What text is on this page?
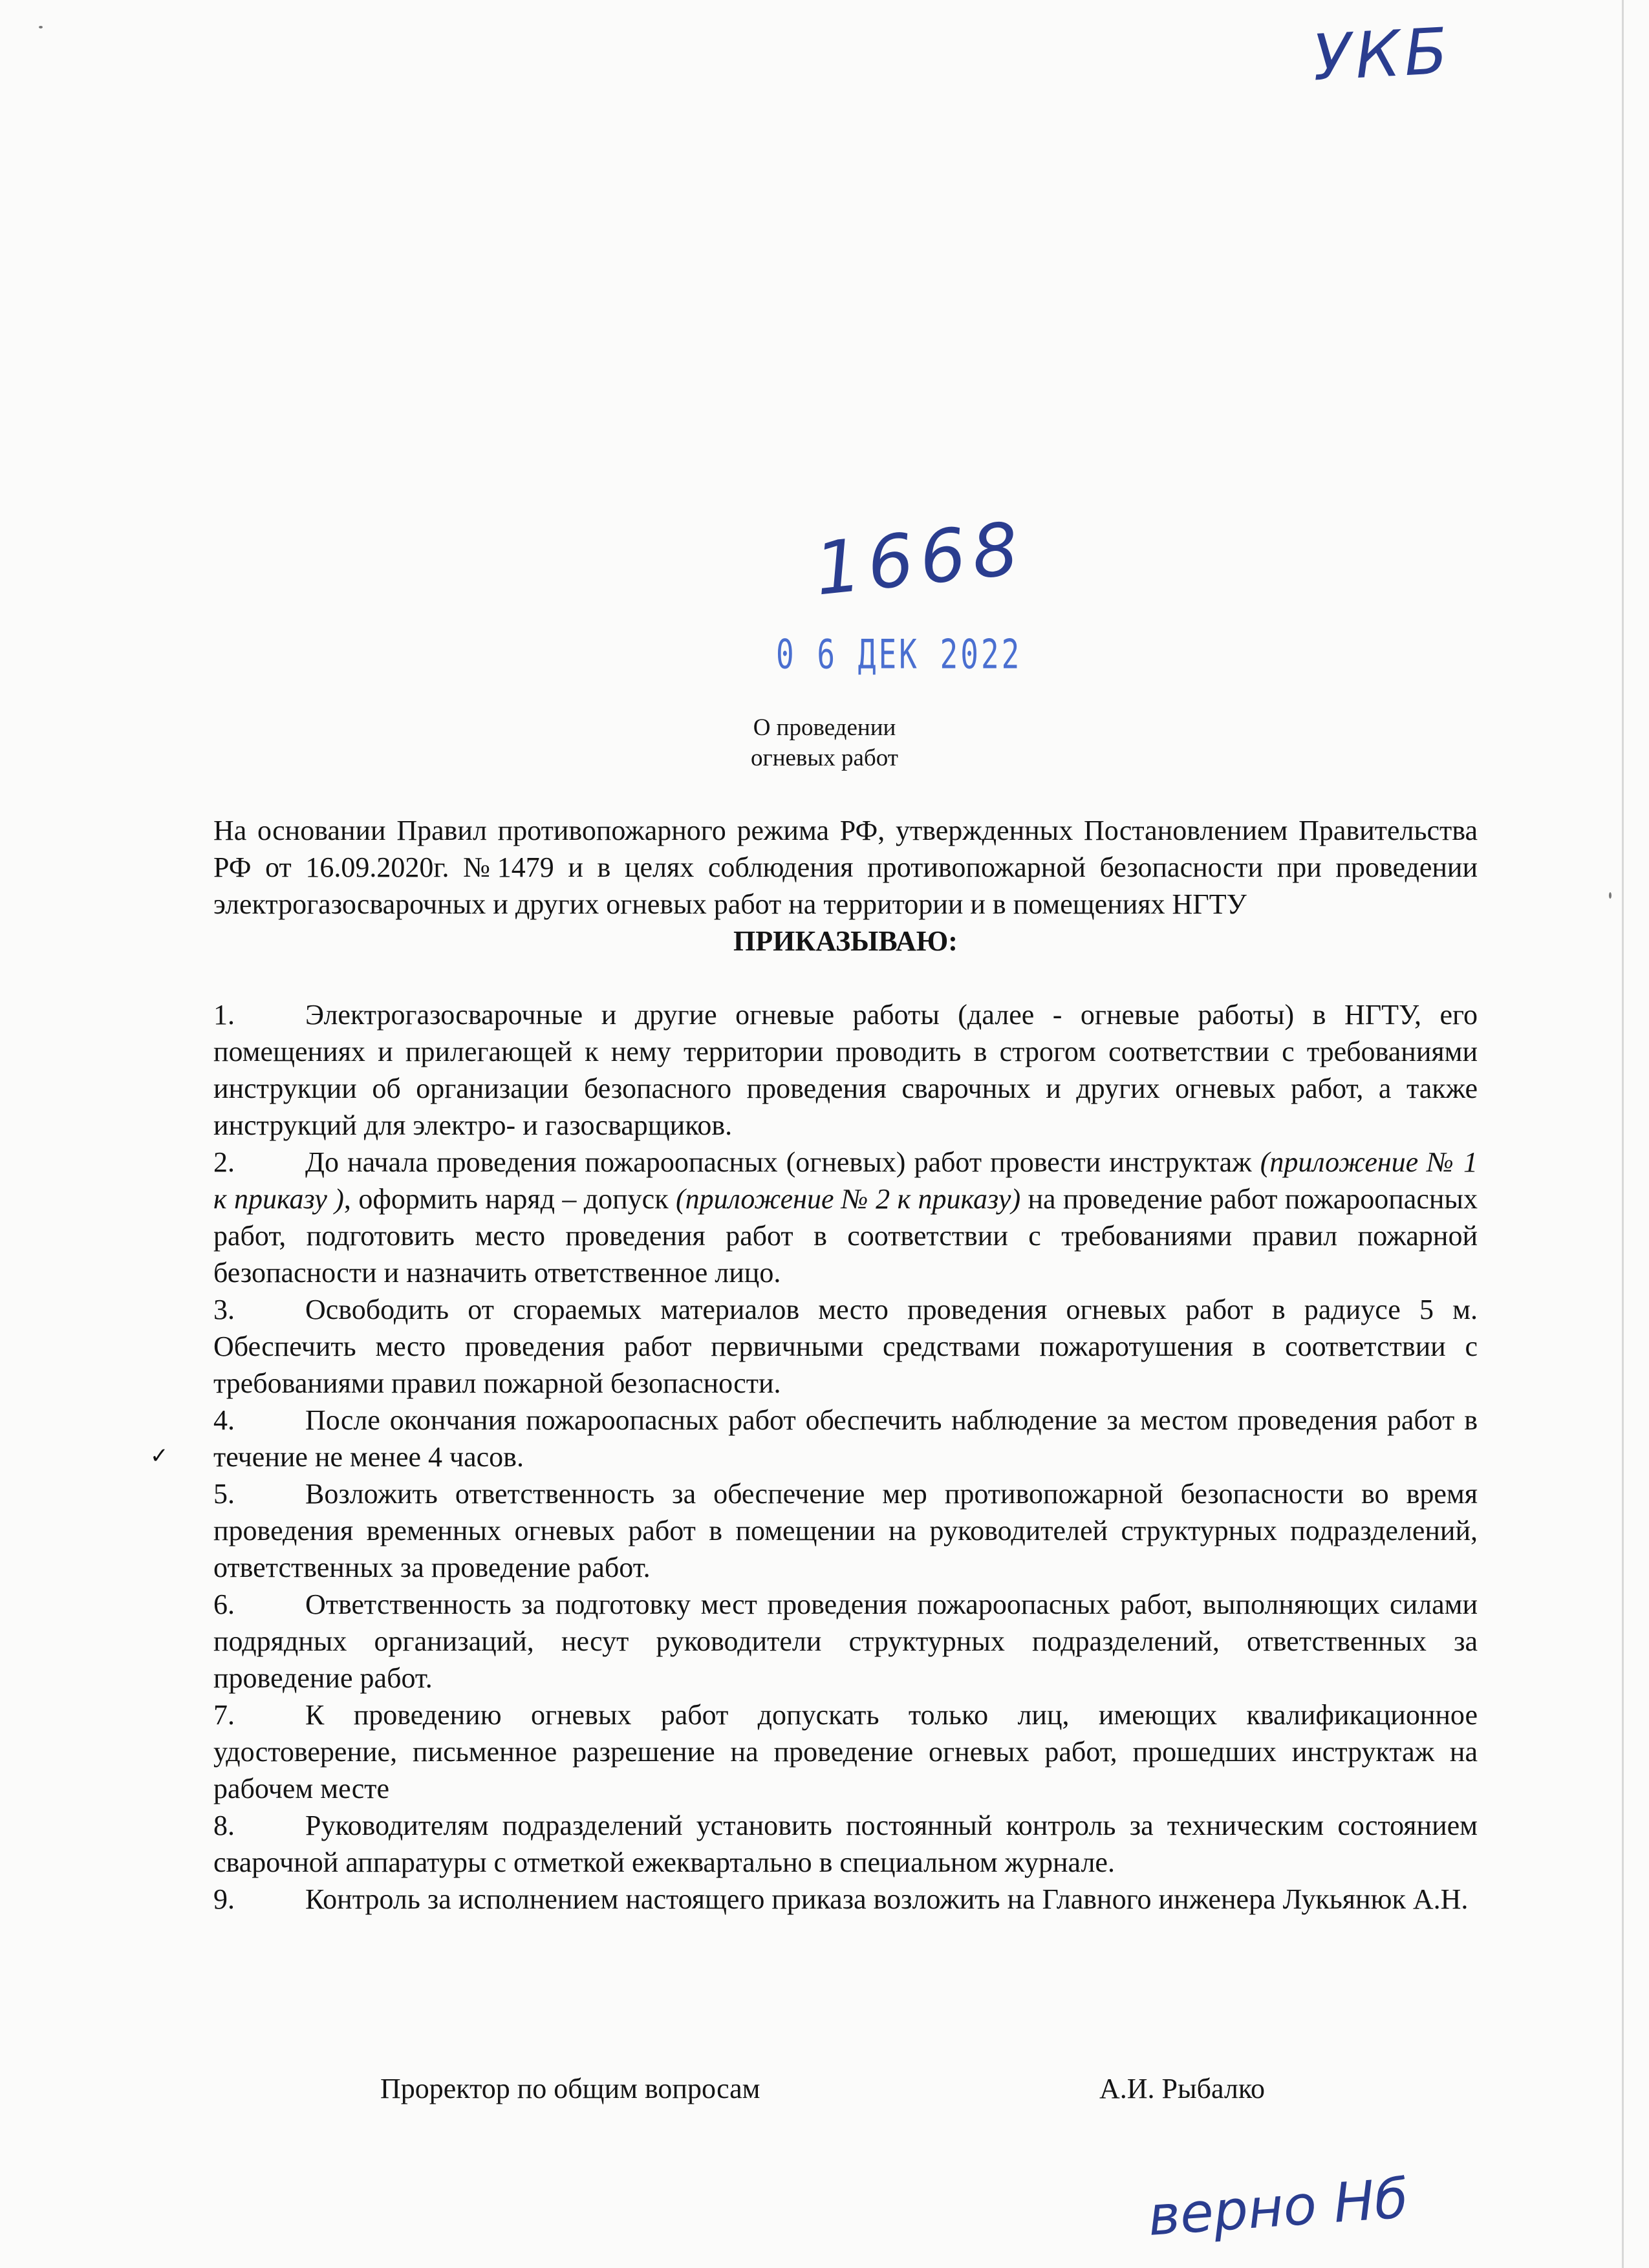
УКБ
1668
0 6 ДЕК 2022
О проведении
огневых работ
✓

На основании Правил противопожарного режима РФ, утвержденных Постановлением Правительства РФ от 16.09.2020г. №1479 и в целях соблюдения противопожарной безопасности при проведении электрогазосварочных и других огневых работ на территории и в помещениях НГТУ

ПРИКАЗЫВАЮ:

1. Электрогазосварочные и другие огневые работы (далее - огневые работы) в НГТУ, его помещениях и прилегающей к нему территории проводить в строгом соответствии с требованиями инструкции об организации безопасного проведения сварочных и других огневых работ, а также инструкций для электро- и газосварщиков.

2. До начала проведения пожароопасных (огневых) работ провести инструктаж (приложение № 1 к приказу ), оформить наряд – допуск (приложение № 2 к приказу) на проведение работ пожароопасных работ, подготовить место проведения работ в соответствии с требованиями правил пожарной безопасности и назначить ответственное лицо.

3. Освободить от сгораемых материалов место проведения огневых работ в радиусе 5 м. Обеспечить место проведения работ первичными средствами пожаротушения в соответствии с требованиями правил пожарной безопасности.

4. После окончания пожароопасных работ обеспечить наблюдение за местом проведения работ в течение не менее 4 часов.

5. Возложить ответственность за обеспечение мер противопожарной безопасности во время проведения временных огневых работ в помещении на руководителей структурных подразделений, ответственных за проведение работ.

6. Ответственность за подготовку мест проведения пожароопасных работ, выполняющих силами подрядных организаций, несут руководители структурных подразделений, ответственных за проведение работ.

7. К проведению огневых работ допускать только лиц, имеющих квалификационное удостоверение, письменное разрешение на проведение огневых работ, прошедших инструктаж на рабочем месте

8. Руководителям подразделений установить постоянный контроль за техническим состоянием сварочной аппаратуры с отметкой ежеквартально в специальном журнале.

9. Контроль за исполнением настоящего приказа возложить на Главного инженера Лукьянюк А.Н.

Проректор по общим вопросам	А.И. Рыбалко
верно Нб
